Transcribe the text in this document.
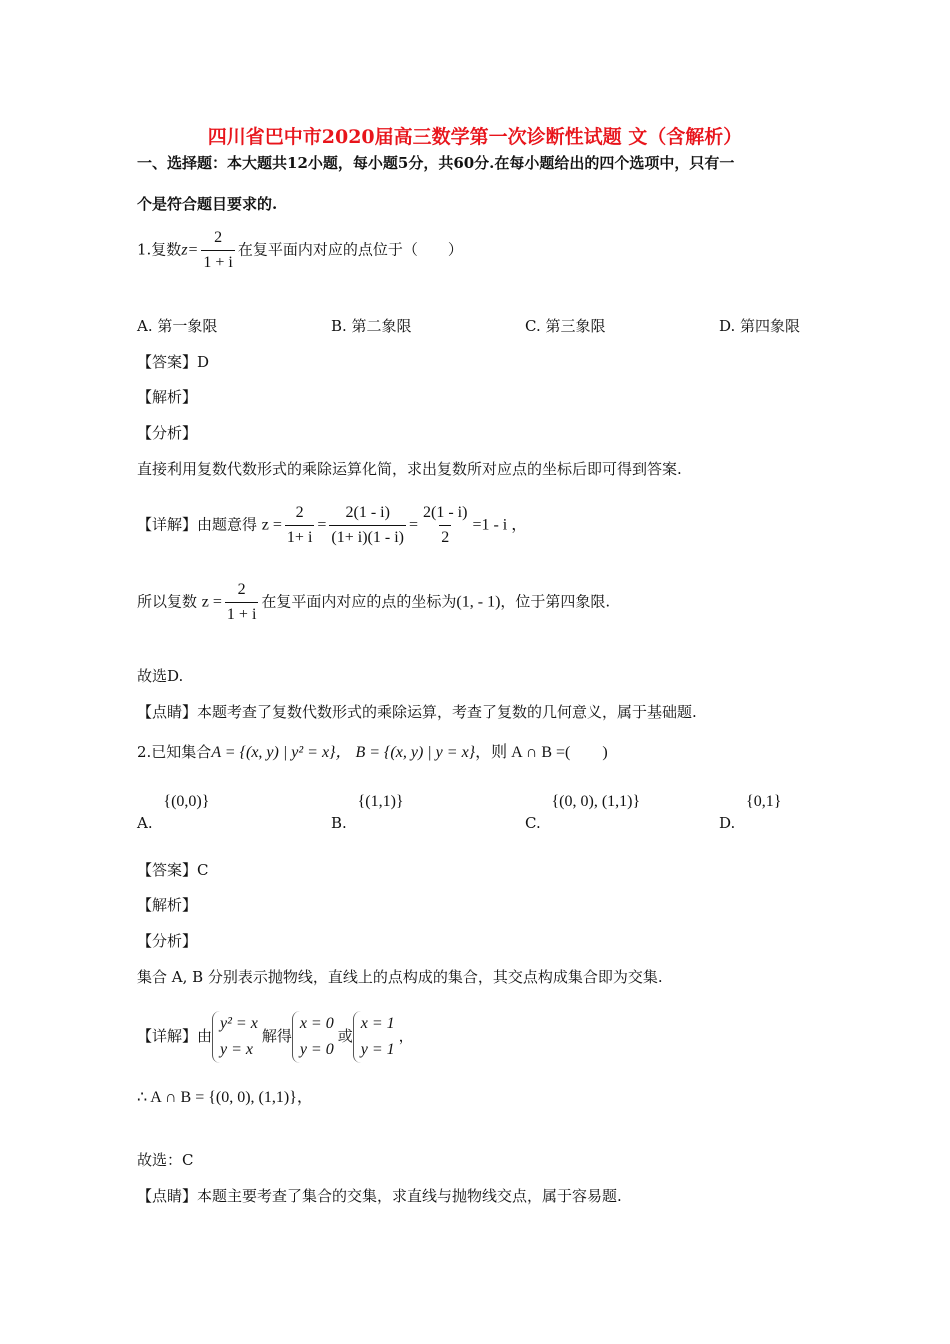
四川省巴中市2020届高三数学第一次诊断性试题 文（含解析）
一、选择题：本大题共12小题，每小题5分，共60分.在每小题给出的四个选项中，只有一
个是符合题目要求的.
1.复数$z= \frac{2}{1 + i}$ 在复平面内对应的点位于（　　）
A. 第一象限	B. 第二象限	C. 第三象限	D. 第四象限
【答案】D
【解析】
【分析】
直接利用复数代数形式的乘除运算化简，求出复数所对应点的坐标后即可得到答案.
【详解】由题意得 $z = \frac{2}{1+ i} = \frac{2(1 - i)}{(1+ i)(1 - i)} = \frac{2(1 - i)}{2} =1 - i$ ，
所以复数 $z = \frac{2}{1 + i}$ 在复平面内对应的点的坐标为(1, - 1)，位于第四象限.
故选D.
【点睛】本题考查了复数代数形式的乘除运算，考查了复数的几何意义，属于基础题.
2.已知集合A = {(x, y) | y² = x}， B = {(x, y) | y = x}，则 A ∩ B =(　　)
A. {(0,0)}
B. {(1,1)}
C. {(0, 0), (1,1)}
D. {0,1}
【答案】C
【解析】
【分析】
集合 A, B 分别表示抛物线，直线上的点构成的集合，其交点构成集合即为交集.
【详解】由
y² = x
y = x
解得
x = 0
y = 0
或
x = 1
y = 1
，
∴ A ∩ B = {(0, 0), (1,1)}，
故选：C
【点睛】本题主要考查了集合的交集，求直线与抛物线交点，属于容易题.
